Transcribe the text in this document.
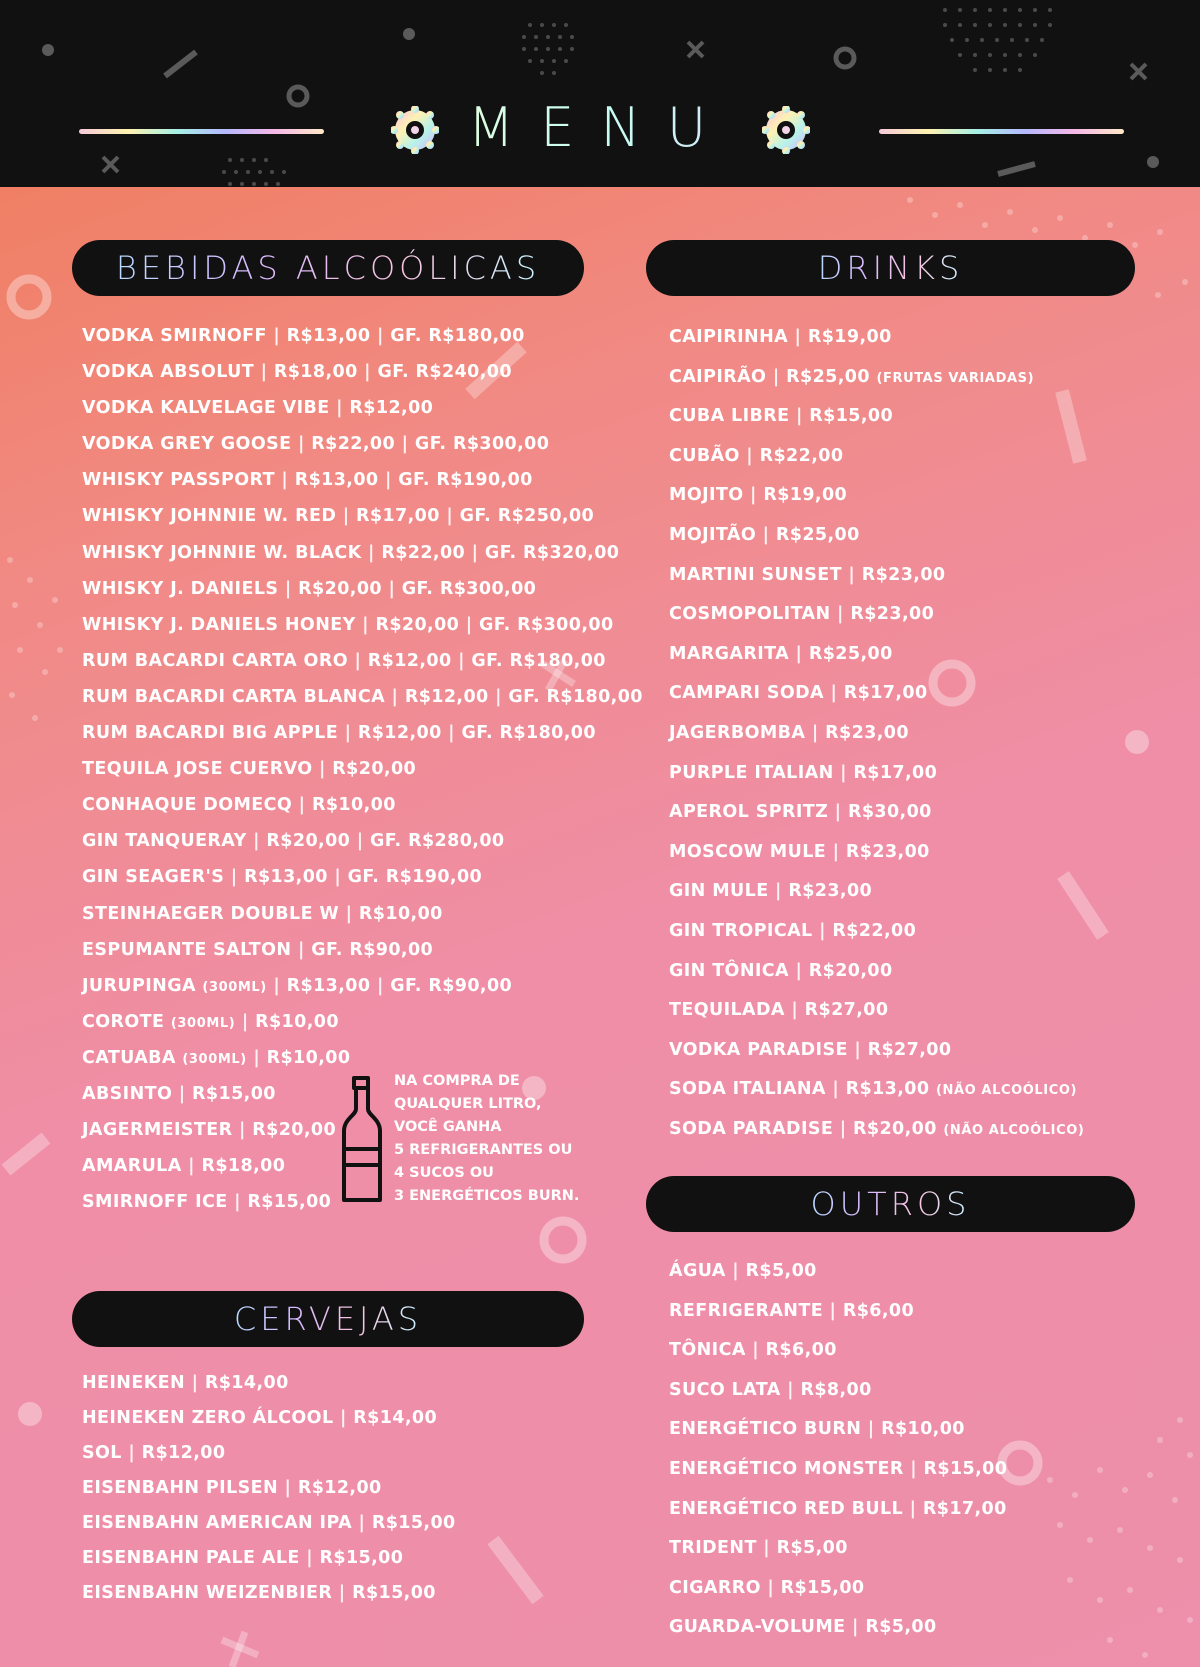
MENU
BEBIDAS ALCOÓLICAS	DRINKS
CERVEJAS
OUTROS
VODKA SMIRNOFF | R$13,00 | GF. R$180,00
VODKA ABSOLUT | R$18,00 | GF. R$240,00
VODKA KALVELAGE VIBE | R$12,00
VODKA GREY GOOSE | R$22,00 | GF. R$300,00
WHISKY PASSPORT | R$13,00 | GF. R$190,00
WHISKY JOHNNIE W. RED | R$17,00 | GF. R$250,00
WHISKY JOHNNIE W. BLACK | R$22,00 | GF. R$320,00
WHISKY J. DANIELS | R$20,00 | GF. R$300,00
WHISKY J. DANIELS HONEY | R$20,00 | GF. R$300,00
RUM BACARDI CARTA ORO | R$12,00 | GF. R$180,00
RUM BACARDI CARTA BLANCA | R$12,00 | GF. R$180,00
RUM BACARDI BIG APPLE | R$12,00 | GF. R$180,00
TEQUILA JOSE CUERVO | R$20,00
CONHAQUE DOMECQ | R$10,00
GIN TANQUERAY | R$20,00 | GF. R$280,00
GIN SEAGER'S | R$13,00 | GF. R$190,00
STEINHAEGER DOUBLE W | R$10,00
ESPUMANTE SALTON | GF. R$90,00
JURUPINGA (300ML) | R$13,00 | GF. R$90,00
COROTE (300ML) | R$10,00
CATUABA (300ML) | R$10,00
ABSINTO | R$15,00
JAGERMEISTER | R$20,00
AMARULA | R$18,00
SMIRNOFF ICE | R$15,00
CAIPIRINHA | R$19,00
CAIPIRÃO | R$25,00 (FRUTAS VARIADAS)
CUBA LIBRE | R$15,00
CUBÃO | R$22,00
MOJITO | R$19,00
MOJITÃO | R$25,00
MARTINI SUNSET | R$23,00
COSMOPOLITAN | R$23,00
MARGARITA | R$25,00
CAMPARI SODA | R$17,00
JAGERBOMBA | R$23,00
PURPLE ITALIAN | R$17,00
APEROL SPRITZ | R$30,00
MOSCOW MULE | R$23,00
GIN MULE | R$23,00
GIN TROPICAL | R$22,00
GIN TÔNICA | R$20,00
TEQUILADA | R$27,00
VODKA PARADISE | R$27,00
SODA ITALIANA | R$13,00 (NÃO ALCOÓLICO)
SODA PARADISE | R$20,00 (NÃO ALCOÓLICO)
HEINEKEN | R$14,00
HEINEKEN ZERO ÁLCOOL | R$14,00
SOL | R$12,00
EISENBAHN PILSEN | R$12,00
EISENBAHN AMERICAN IPA | R$15,00
EISENBAHN PALE ALE | R$15,00
EISENBAHN WEIZENBIER | R$15,00
ÁGUA | R$5,00
REFRIGERANTE | R$6,00
TÔNICA | R$6,00
SUCO LATA | R$8,00
ENERGÉTICO BURN | R$10,00
ENERGÉTICO MONSTER | R$15,00
ENERGÉTICO RED BULL | R$17,00
TRIDENT | R$5,00
CIGARRO | R$15,00
GUARDA-VOLUME | R$5,00
NA COMPRA DE
QUALQUER LITRO,
VOCÊ GANHA
5 REFRIGERANTES OU
4 SUCOS OU
3 ENERGÉTICOS BURN.
